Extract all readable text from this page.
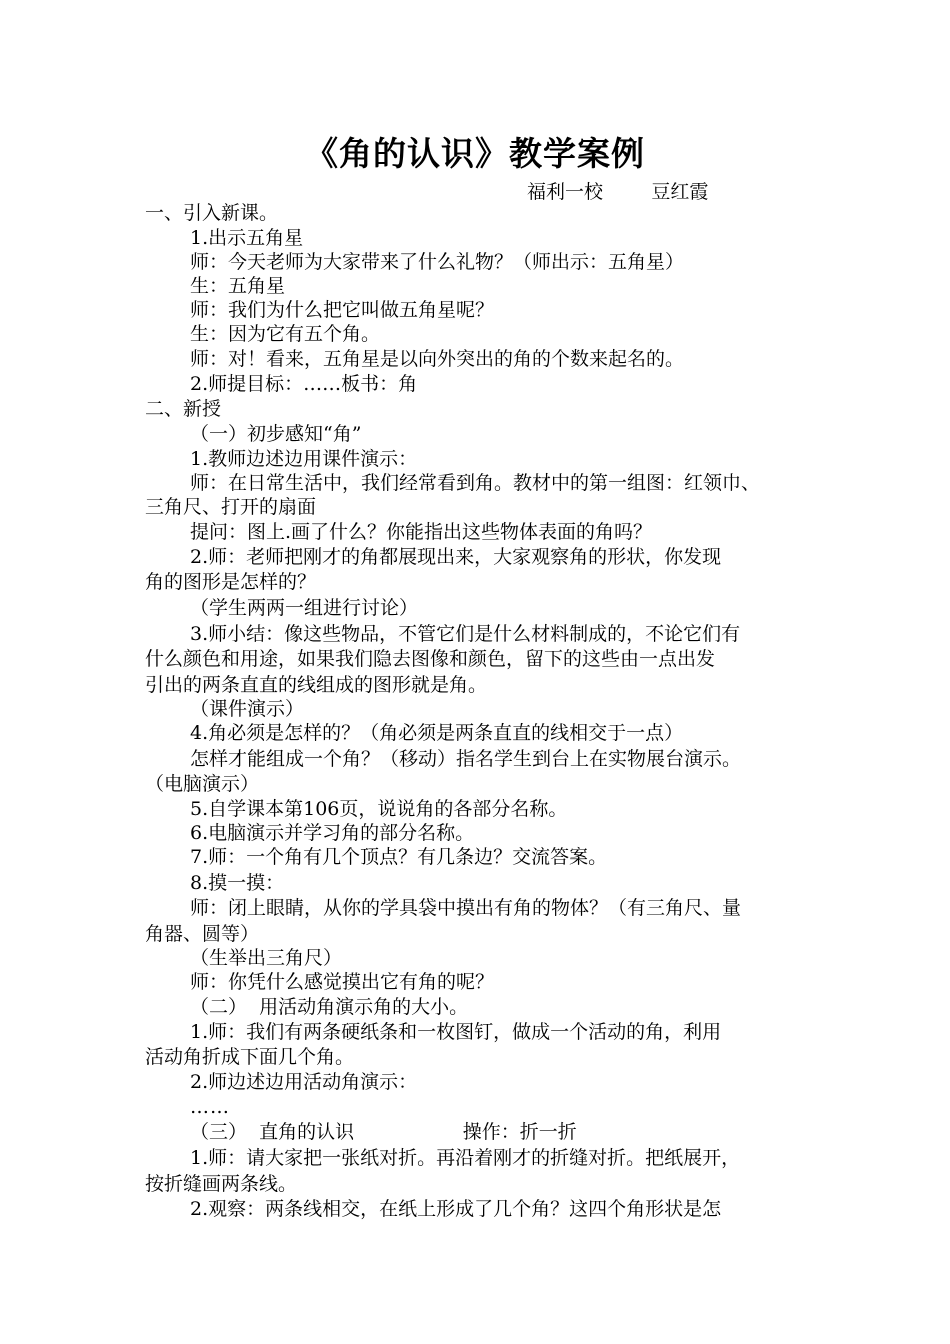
《角的认识》教学案例
福利一校        豆红霞
一、引入新课。
1.出示五角星
师：今天老师为大家带来了什么礼物？（师出示：五角星）
生：五角星
师：我们为什么把它叫做五角星呢？
生：因为它有五个角。
师：对！看来，五角星是以向外突出的角的个数来起名的。
2.师提目标：……板书：角
二、新授
（一）初步感知“角”
1.教师边述边用课件演示：
师：在日常生活中，我们经常看到角。教材中的第一组图：红领巾、
三角尺、打开的扇面
提问：图上.画了什么？你能指出这些物体表面的角吗？
2.师：老师把刚才的角都展现出来，大家观察角的形状，你发现
角的图形是怎样的？
（学生两两一组进行讨论）
3.师小结：像这些物品，不管它们是什么材料制成的，不论它们有
什么颜色和用途，如果我们隐去图像和颜色，留下的这些由一点出发
引出的两条直直的线组成的图形就是角。
（课件演示）
4.角必须是怎样的？（角必须是两条直直的线相交于一点）
怎样才能组成一个角？（移动）指名学生到台上在实物展台演示。
（电脑演示）
5.自学课本第106页，说说角的各部分名称。
6.电脑演示并学习角的部分名称。
7.师：一个角有几个顶点？有几条边？交流答案。
8.摸一摸：
师：闭上眼睛，从你的学具袋中摸出有角的物体？（有三角尺、量
角器、圆等）
（生举出三角尺）
师：你凭什么感觉摸出它有角的呢？
（二）  用活动角演示角的大小。
1.师：我们有两条硬纸条和一枚图钉，做成一个活动的角，利用
活动角折成下面几个角。
2.师边述边用活动角演示：
……
（三）  直角的认识                  操作：折一折
1.师：请大家把一张纸对折。再沿着刚才的折缝对折。把纸展开，
按折缝画两条线。
2.观察：两条线相交，在纸上形成了几个角？这四个角形状是怎
